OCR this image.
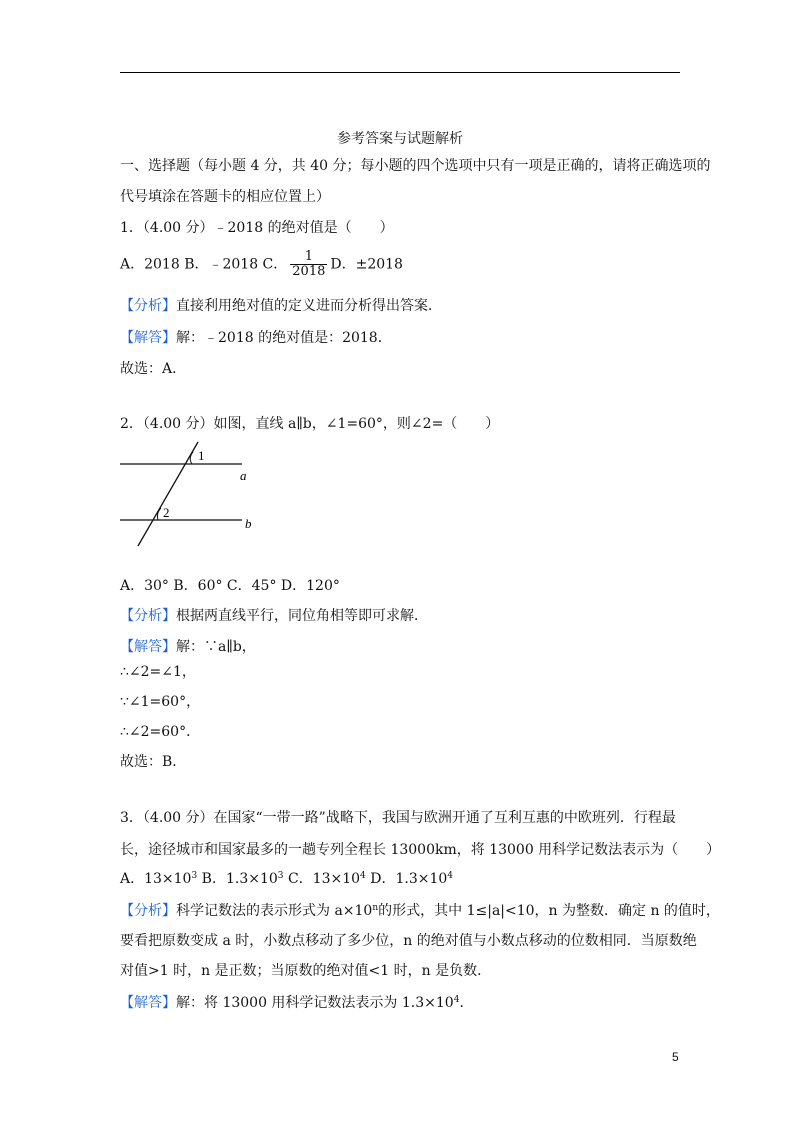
参考答案与试题解析
一、选择题（每小题 4 分，共 40 分；每小题的四个选项中只有一项是正确的，请将正确选项的
代号填涂在答题卡的相应位置上）
1．（4.00 分）﹣2018 的绝对值是（　　）
A．2018 B．﹣2018 C． $\frac{1}{2018}$ D．±2018
【分析】直接利用绝对值的定义进而分析得出答案．
【解答】解：﹣2018 的绝对值是：2018．
故选：A．
2．（4.00 分）如图，直线 a∥b，∠1=60°，则∠2=（　　）
1
2
a
b
A．30° B．60° C．45° D．120°
【分析】根据两直线平行，同位角相等即可求解．
【解答】解：∵a∥b，
∴∠2=∠1，
∵∠1=60°，
∴∠2=60°．
故选：B．
3．（4.00 分）在国家“一带一路”战略下，我国与欧洲开通了互利互惠的中欧班列．行程最
长，途径城市和国家最多的一趟专列全程长 13000km，将 13000 用科学记数法表示为（　　）
A．$13\times 10^3$ B．$1.3\times 10^3$ C．$13\times 10^4$ D．$1.3\times 10^4$
【分析】科学记数法的表示形式为 $a\times 10^n$的形式，其中 1≤|a|<10，n 为整数．确定 n 的值时，
要看把原数变成 a 时，小数点移动了多少位，n 的绝对值与小数点移动的位数相同．当原数绝
对值>1 时，n 是正数；当原数的绝对值<1 时，n 是负数．
【解答】解：将 13000 用科学记数法表示为 $1.3\times 10^4$．
5
